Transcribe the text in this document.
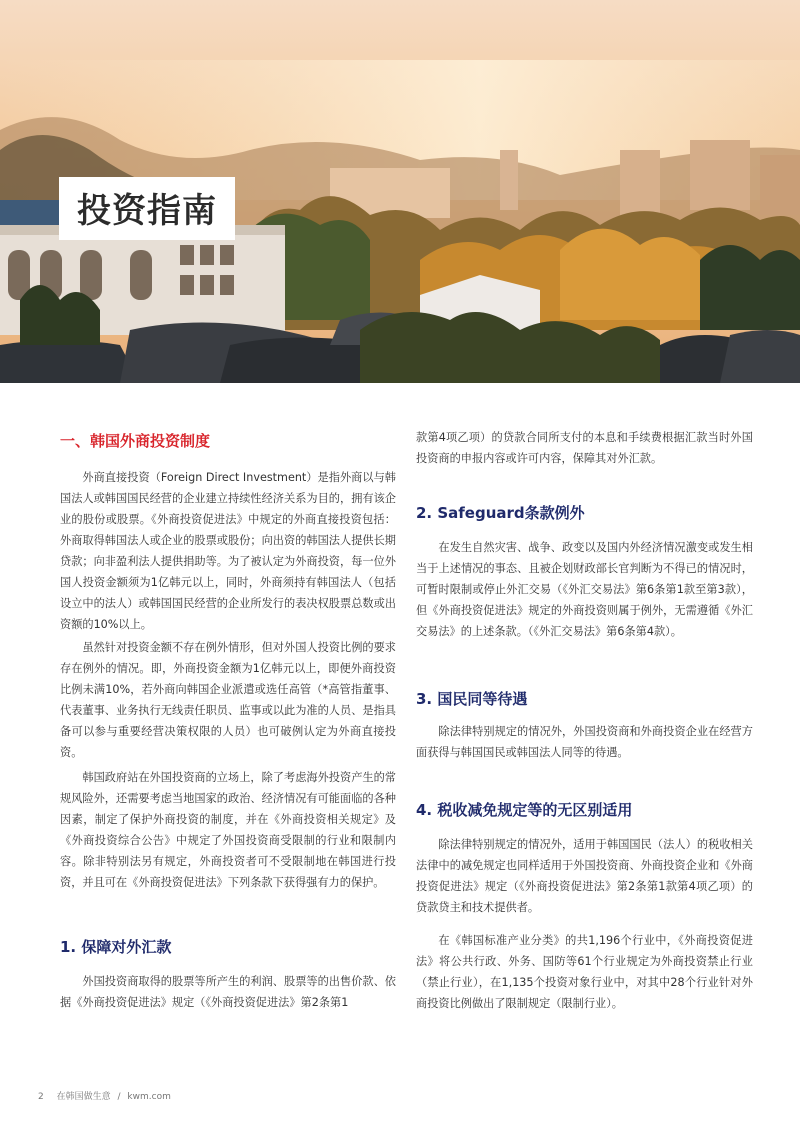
投资指南
一、韩国外商投资制度

外商直接投资（Foreign Direct Investment）是指外商以与韩国法人或韩国国民经营的企业建立持续性经济关系为目的，拥有该企业的股份或股票。《外商投资促进法》中规定的外商直接投资包括：外商取得韩国法人或企业的股票或股份；向出资的韩国法人提供长期贷款；向非盈利法人提供捐助等。为了被认定为外商投资，每一位外国人投资金额须为1亿韩元以上，同时，外商须持有韩国法人（包括设立中的法人）或韩国国民经营的企业所发行的表决权股票总数或出资额的10%以上。

虽然针对投资金额不存在例外情形，但对外国人投资比例的要求存在例外的情况。即，外商投资金额为1亿韩元以上，即便外商投资比例未满10%，若外商向韩国企业派遣或选任高管（*高管指董事、代表董事、业务执行无线责任职员、监事或以此为准的人员、是指具备可以参与重要经营决策权限的人员）也可破例认定为外商直接投资。

韩国政府站在外国投资商的立场上，除了考虑海外投资产生的常规风险外，还需要考虑当地国家的政治、经济情况有可能面临的各种因素，制定了保护外商投资的制度，并在《外商投资相关规定》及《外商投资综合公告》中规定了外国投资商受限制的行业和限制内容。除非特别法另有规定，外商投资者可不受限制地在韩国进行投资，并且可在《外商投资促进法》下列条款下获得强有力的保护。

1. 保障对外汇款

外国投资商取得的股票等所产生的利润、股票等的出售价款、依据《外商投资促进法》规定（《外商投资促进法》第2条第1

款第4项乙项）的贷款合同所支付的本息和手续费根据汇款当时外国投资商的申报内容或许可内容，保障其对外汇款。

2. Safeguard条款例外

在发生自然灾害、战争、政变以及国内外经济情况激变或发生相当于上述情况的事态、且被企划财政部长官判断为不得已的情况时，可暂时限制或停止外汇交易（《外汇交易法》第6条第1款至第3款），但《外商投资促进法》规定的外商投资则属于例外，无需遵循《外汇交易法》的上述条款。（《外汇交易法》第6条第4款）。

3. 国民同等待遇

除法律特别规定的情况外，外国投资商和外商投资企业在经营方面获得与韩国国民或韩国法人同等的待遇。

4. 税收减免规定等的无区别适用

除法律特别规定的情况外，适用于韩国国民（法人）的税收相关法律中的减免规定也同样适用于外国投资商、外商投资企业和《外商投资促进法》规定（《外商投资促进法》第2条第1款第4项乙项）的贷款贷主和技术提供者。

在《韩国标准产业分类》的共1,196个行业中，《外商投资促进法》将公共行政、外务、国防等61个行业规定为外商投资禁止行业（禁止行业），在1,135个投资对象行业中，对其中28个行业针对外商投资比例做出了限制规定（限制行业）。

2 在韩国做生意 / kwm.com
